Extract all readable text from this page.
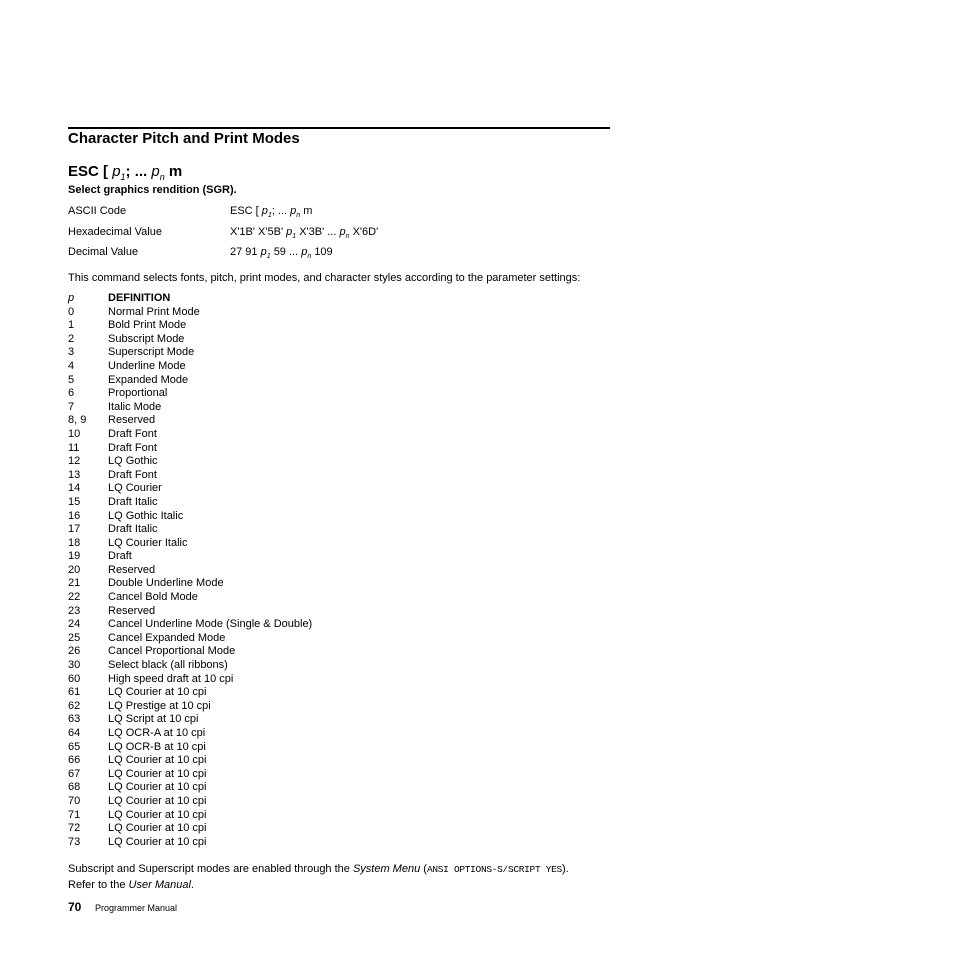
Character Pitch and Print Modes
ESC [ $p_1$; ... $p_n$ m
Select graphics rendition (SGR).
ASCII Code	ESC [ $p_1$; ... $p_n$ m
Hexadecimal Value	X'1B' X'5B' $p_1$ X'3B' ... $p_n$ X'6D'
Decimal Value	27 91 $p_1$ 59 ... $p_n$ 109
This command selects fonts, pitch, print modes, and character styles according to the parameter settings:
p	DEFINITION
0	Normal Print Mode
1	Bold Print Mode
2	Subscript Mode
3	Superscript Mode
4	Underline Mode
5	Expanded Mode
6	Proportional
7	Italic Mode
8, 9 Reserved
10	Draft Font
11	Draft Font
12	LQ Gothic
13	Draft Font
14	LQ Courier
15	Draft Italic
16	LQ Gothic Italic
17	Draft Italic
18	LQ Courier Italic
19	Draft
20	Reserved
21	Double Underline Mode
22	Cancel Bold Mode
23	Reserved
24	Cancel Underline Mode (Single & Double)
25	Cancel Expanded Mode
26	Cancel Proportional Mode
30	Select black (all ribbons)
60	High speed draft at 10 cpi
61	LQ Courier at 10 cpi
62	LQ Prestige at 10 cpi
63	LQ Script at 10 cpi
64	LQ OCR-A at 10 cpi
65	LQ OCR-B at 10 cpi
66	LQ Courier at 10 cpi
67	LQ Courier at 10 cpi
68	LQ Courier at 10 cpi
70	LQ Courier at 10 cpi
71	LQ Courier at 10 cpi
72	LQ Courier at 10 cpi
73	LQ Courier at 10 cpi
Subscript and Superscript modes are enabled through the System Menu (ANSI OPTIONS-S/SCRIPT YES).
Refer to the User Manual.
70 Programmer Manual
